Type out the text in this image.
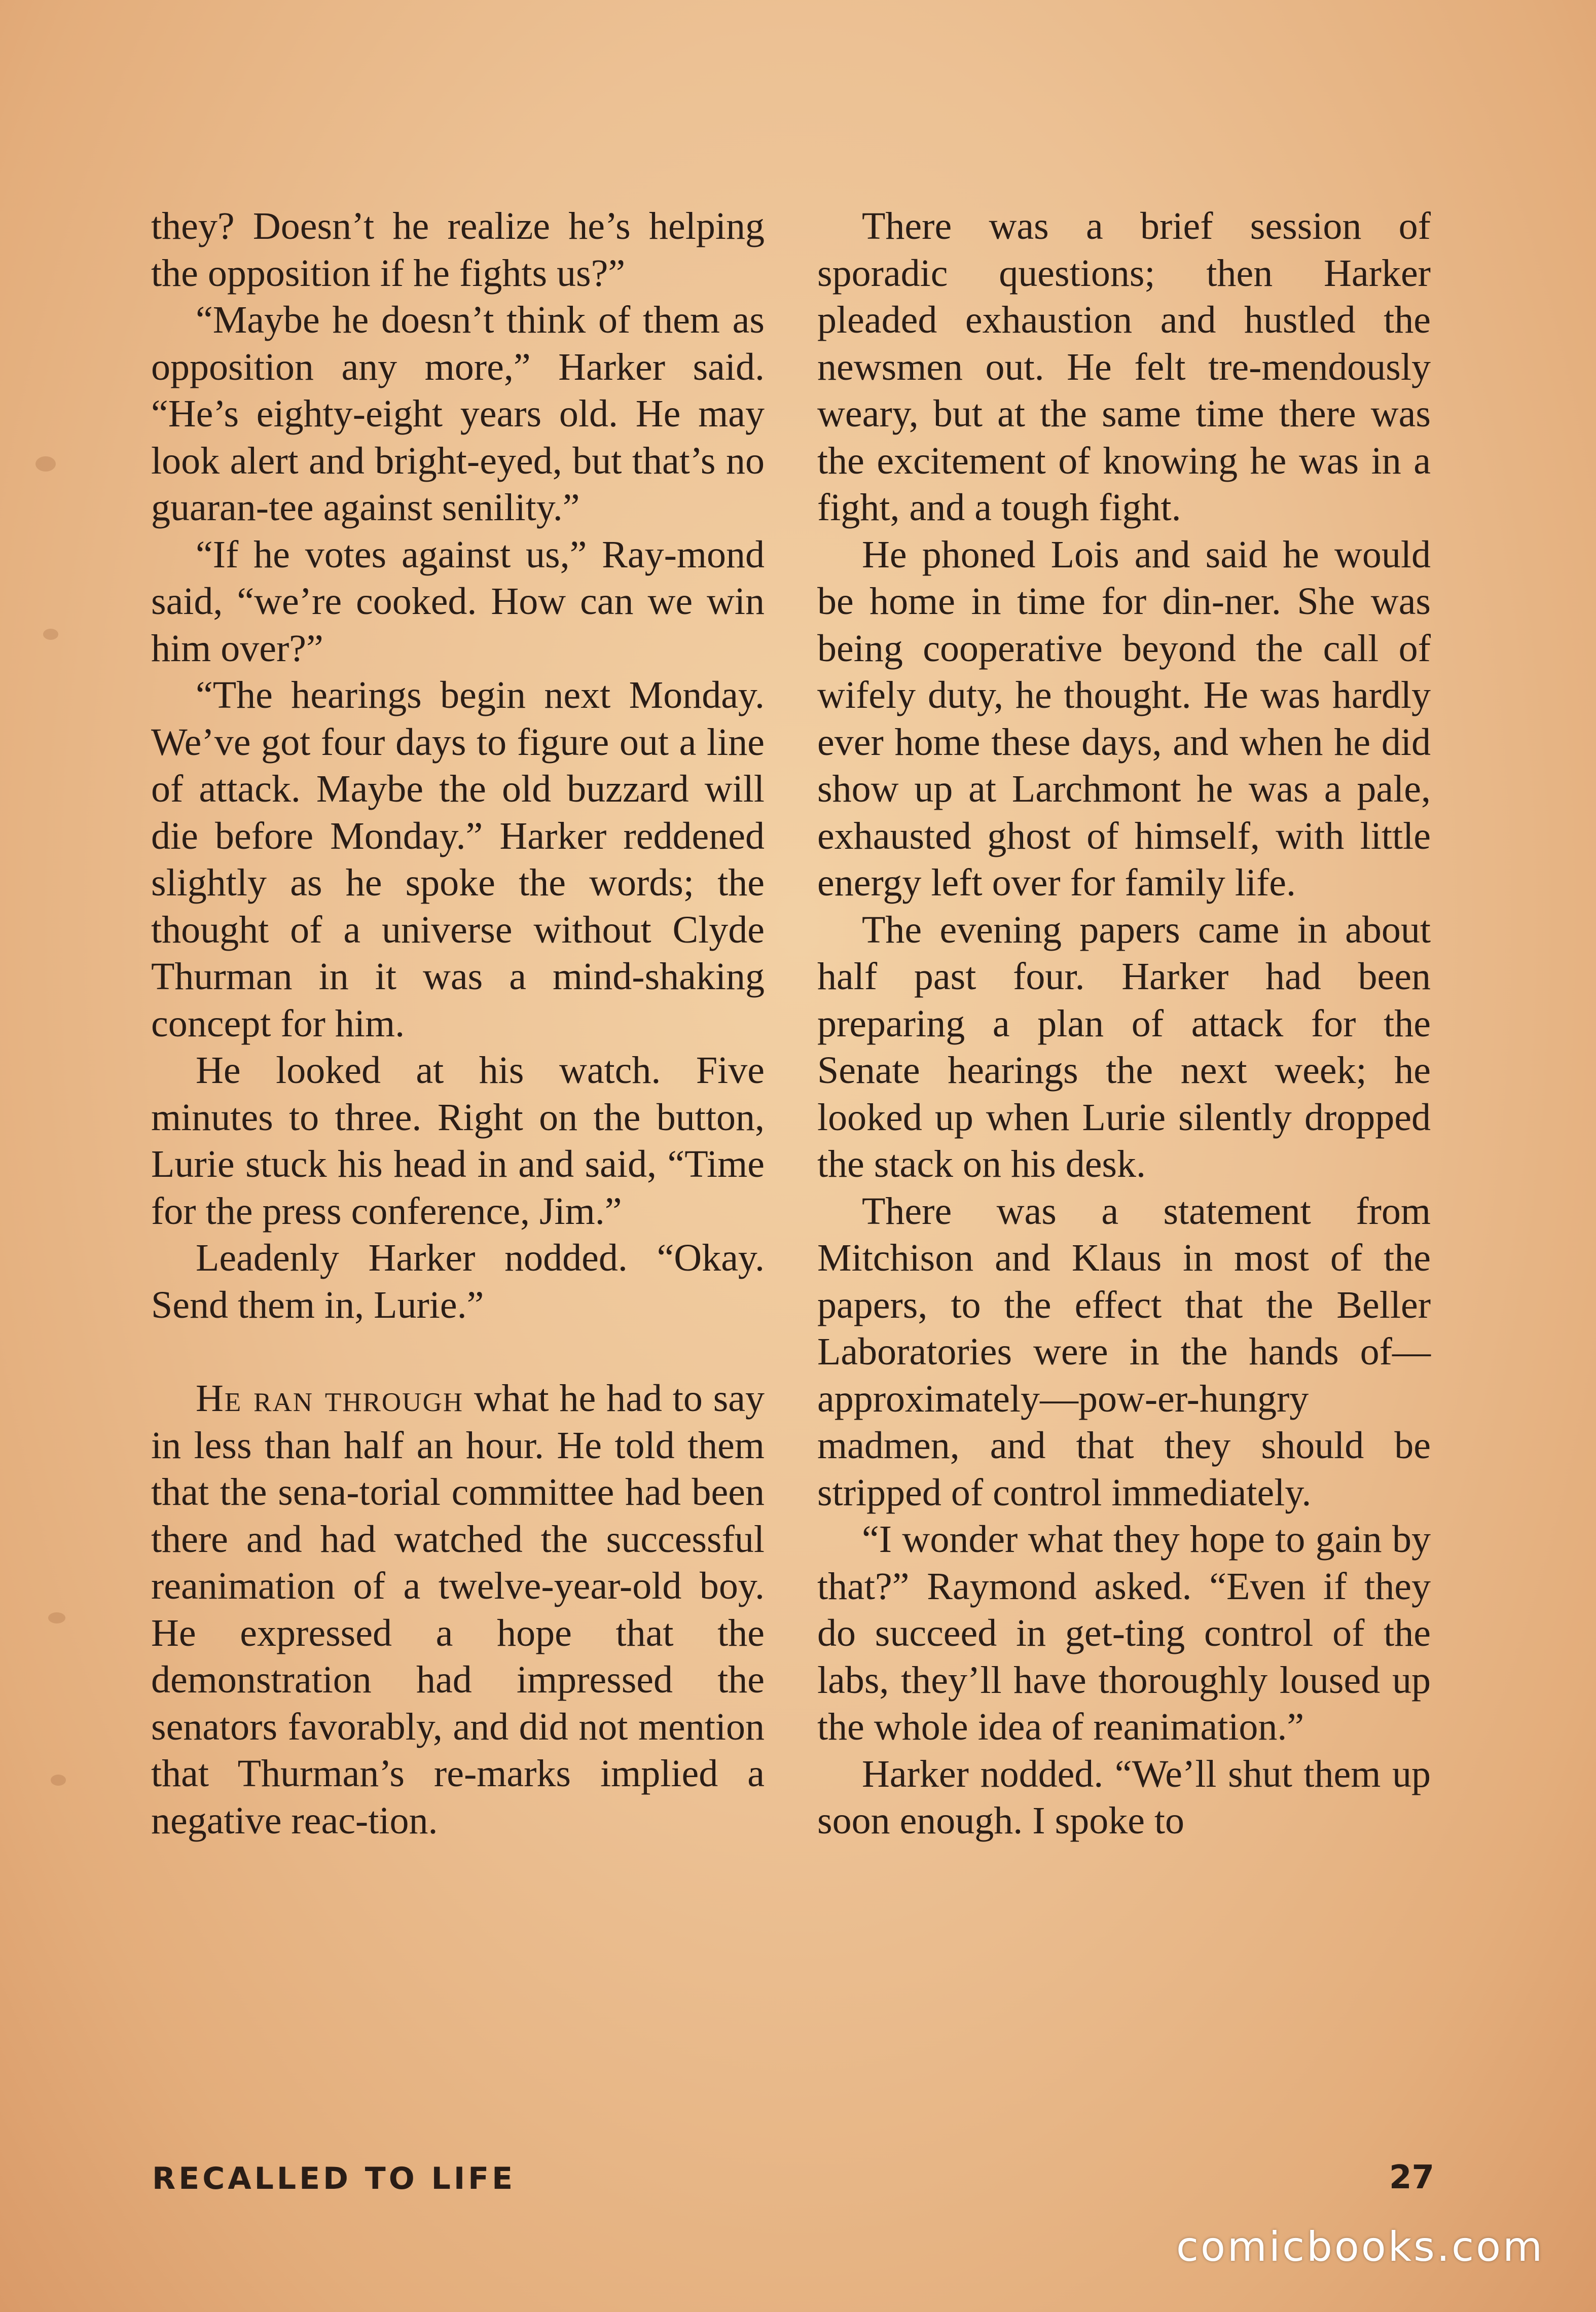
they? Doesn’t he realize he’s helping the opposition if he fights us?”

“Maybe he doesn’t think of them as opposition any more,” Harker said. “He’s eighty-eight years old. He may look alert and bright-eyed, but that’s no guaran-tee against senility.”

“If he votes against us,” Ray-mond said, “we’re cooked. How can we win him over?”

“The hearings begin next Monday. We’ve got four days to figure out a line of attack. Maybe the old buzzard will die before Monday.” Harker reddened slightly as he spoke the words; the thought of a universe without Clyde Thurman in it was a mind-shaking concept for him.

He looked at his watch. Five minutes to three. Right on the button, Lurie stuck his head in and said, “Time for the press conference, Jim.”

Leadenly Harker nodded. “Okay. Send them in, Lurie.”

He ran through what he had to say in less than half an hour. He told them that the sena-torial committee had been there and had watched the successful reanimation of a twelve-year-old boy. He expressed a hope that the demonstration had impressed the senators favorably, and did not mention that Thurman’s re-marks implied a negative reac-tion.

There was a brief session of sporadic questions; then Harker pleaded exhaustion and hustled the newsmen out. He felt tre-mendously weary, but at the same time there was the excitement of knowing he was in a fight, and a tough fight.

He phoned Lois and said he would be home in time for din-ner. She was being cooperative beyond the call of wifely duty, he thought. He was hardly ever home these days, and when he did show up at Larchmont he was a pale, exhausted ghost of himself, with little energy left over for family life.

The evening papers came in about half past four. Harker had been preparing a plan of attack for the Senate hearings the next week; he looked up when Lurie silently dropped the stack on his desk.

There was a statement from Mitchison and Klaus in most of the papers, to the effect that the Beller Laboratories were in the hands of—approximately—pow-er-hungry madmen, and that they should be stripped of control immediately.

“I wonder what they hope to gain by that?” Raymond asked. “Even if they do succeed in get-ting control of the labs, they’ll have thoroughly loused up the whole idea of reanimation.”

Harker nodded. “We’ll shut them up soon enough. I spoke to

RECALLED TO LIFE	27
comicbooks.com
